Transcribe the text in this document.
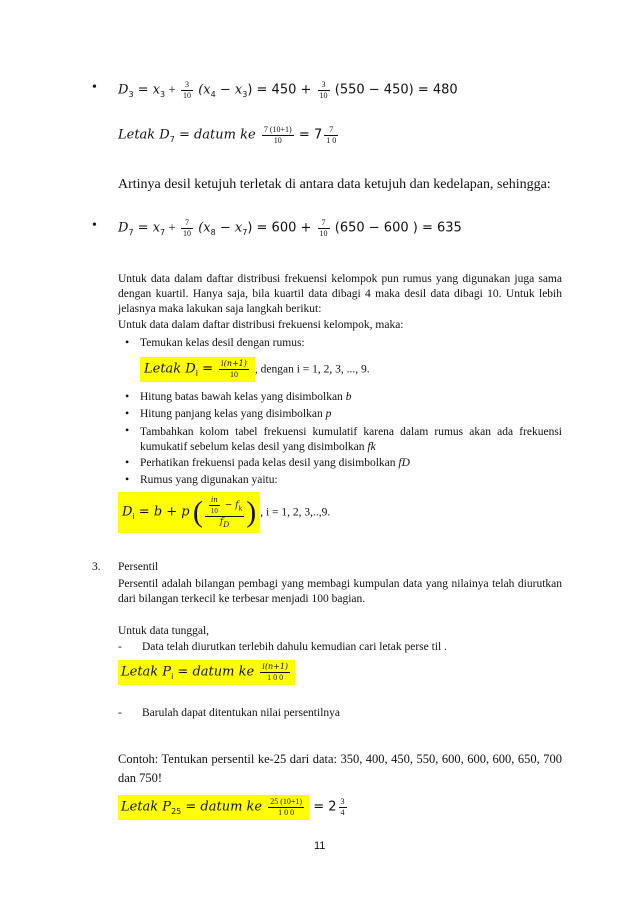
• $D_3 = x_3 + \frac{3}{10} (x_4 - x_3) = 450 + \frac{3}{10} (550 - 450) = 480$
Letak $D_7$ = datum ke $\frac{7 (10+1)}{10} = 7 \frac{7}{1 0}$
Artinya desil ketujuh terletak di antara data ketujuh dan kedelapan, sehingga:
• $D_7 = x_7 + \frac{7}{10} (x_8 - x_7) = 600 + \frac{7}{10} (650 - 600$ ) = 635
Untuk data dalam daftar distribusi frekuensi kelompok pun rumus yang digunakan juga sama dengan kuartil. Hanya saja, bila kuartil data dibagi 4 maka desil data dibagi 10. Untuk lebih jelasnya maka lakukan saja langkah berikut:
Untuk data dalam daftar distribusi frekuensi kelompok, maka:
• Temukan kelas desil dengan rumus:
Letak $D_i = \frac{i(n+1)}{10}$ , dengan i = 1, 2, 3, ..., 9.
• Hitung batas bawah kelas yang disimbolkan b
• Hitung panjang kelas yang disimbolkan p
• Tambahkan kolom tabel frekuensi kumulatif karena dalam rumus akan ada frekuensi kumukatif sebelum kelas desil yang disimbolkan fk
• Perhatikan frekuensi pada kelas desil yang disimbolkan fD
• Rumus yang digunakan yaitu:
$D_i = b + p$ ( $\frac{\frac{in}{10} - f_k}{f_D}$ ) , i = 1, 2, 3,..,9.
3. Persentil
Persentil adalah bilangan pembagi yang membagi kumpulan data yang nilainya telah diurutkan dari bilangan terkecil ke terbesar menjadi 100 bagian.
Untuk data tunggal,
- Data telah diurutkan terlebih dahulu kemudian cari letak perse til .
Letak $P_i$ = datum ke $\frac{i(n+1)}{1 0 0}$
- Barulah dapat ditentukan nilai persentilnya
Contoh: Tentukan persentil ke-25 dari data: 350, 400, 450, 550, 600, 600, 600, 650, 700 dan 750!
Letak $P_{25}$ = datum ke $\frac{25 (10+1)}{1 0 0} = 2 \frac{3}{4}$
11
